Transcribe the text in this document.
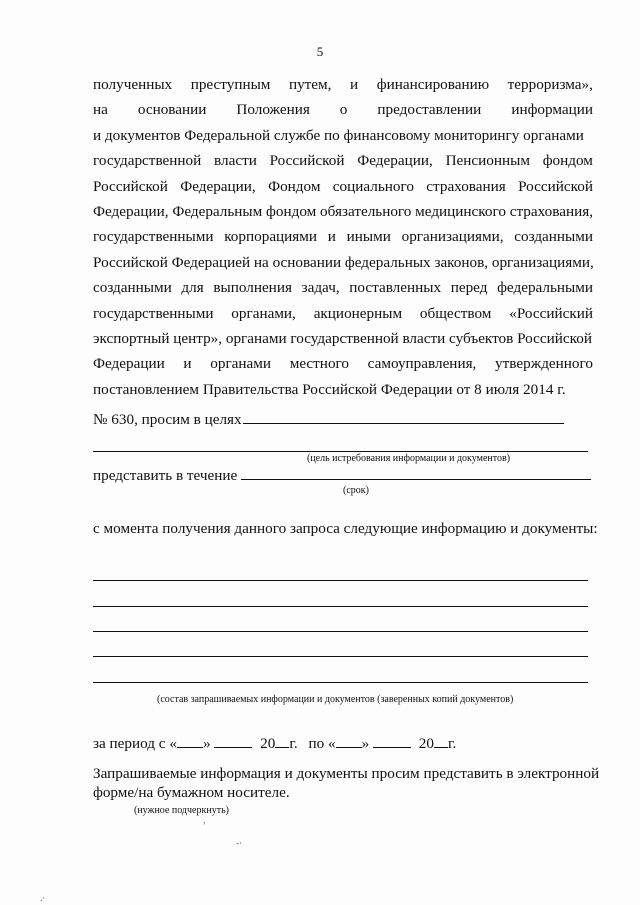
5
полученных преступным путем, и финансированию терроризма»,
на основании Положения о предоставлении информации
и документов Федеральной службе по финансовому мониторингу органами
государственной власти Российской Федерации, Пенсионным фондом
Российской Федерации, Фондом социального страхования Российской
Федерации, Федеральным фондом обязательного медицинского страхования,
государственными корпорациями и иными организациями, созданными
Российской Федерацией на основании федеральных законов, организациями,
созданными для выполнения задач, поставленных перед федеральными
государственными органами, акционерным обществом «Российский
экспортный центр», органами государственной власти субъектов Российской
Федерации и органами местного самоуправления, утвержденного
постановлением Правительства Российской Федерации от 8 июля 2014 г.
№ 630, просим в целях
(цель истребования информации и документов)
представить в течение
(срок)
с момента получения данного запроса следующие информацию и документы:
(состав запрашиваемых информации и документов (заверенных копий документов)
за период с « »	20 г. по « »	20 г.
Запрашиваемые информация и документы просим представить в электронной
форме/на бумажном носителе.
(нужное подчеркнуть)
,
-·
.·
